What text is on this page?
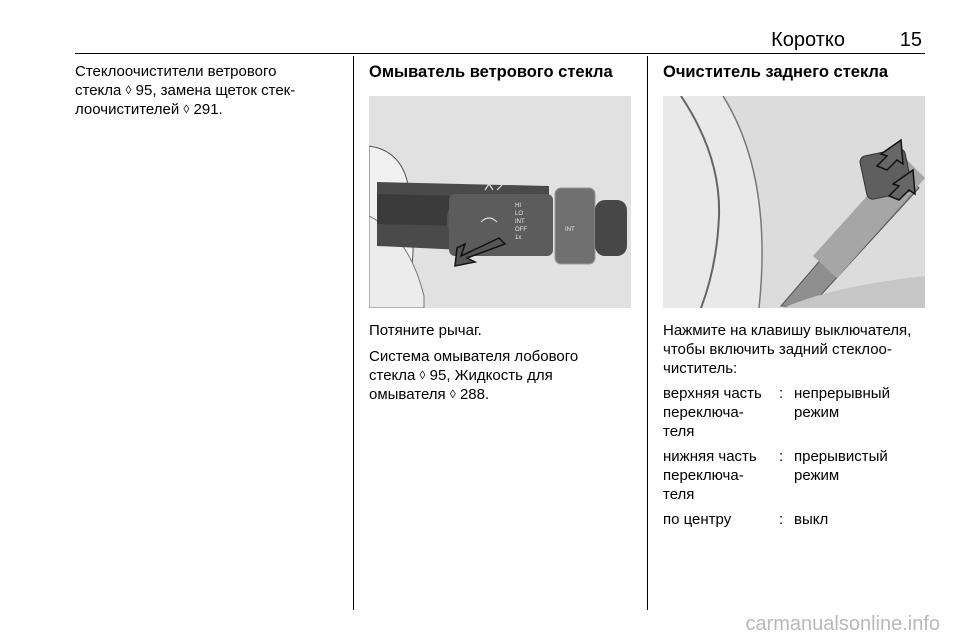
Коротко	15

Стеклоочистители ветрового

стекла ◊ 95, замена щеток стек-

лоочистителей ◊ 291.

Омыватель ветрового стекла
HI
LO
INT
OFF
1x
INT

Потяните рычаг.

Система омывателя лобового

стекла ◊ 95, Жидкость для

омывателя ◊ 288.

Очиститель заднего стекла

Нажмите на клавишу выключателя,

чтобы включить задний стеклоо-

чиститель:

верхняя часть
переключа-
теля
: непрерывный
режим
нижняя часть
переключа-
теля
: прерывистый
режим
по центру	: выкл
carmanualsonline.info
